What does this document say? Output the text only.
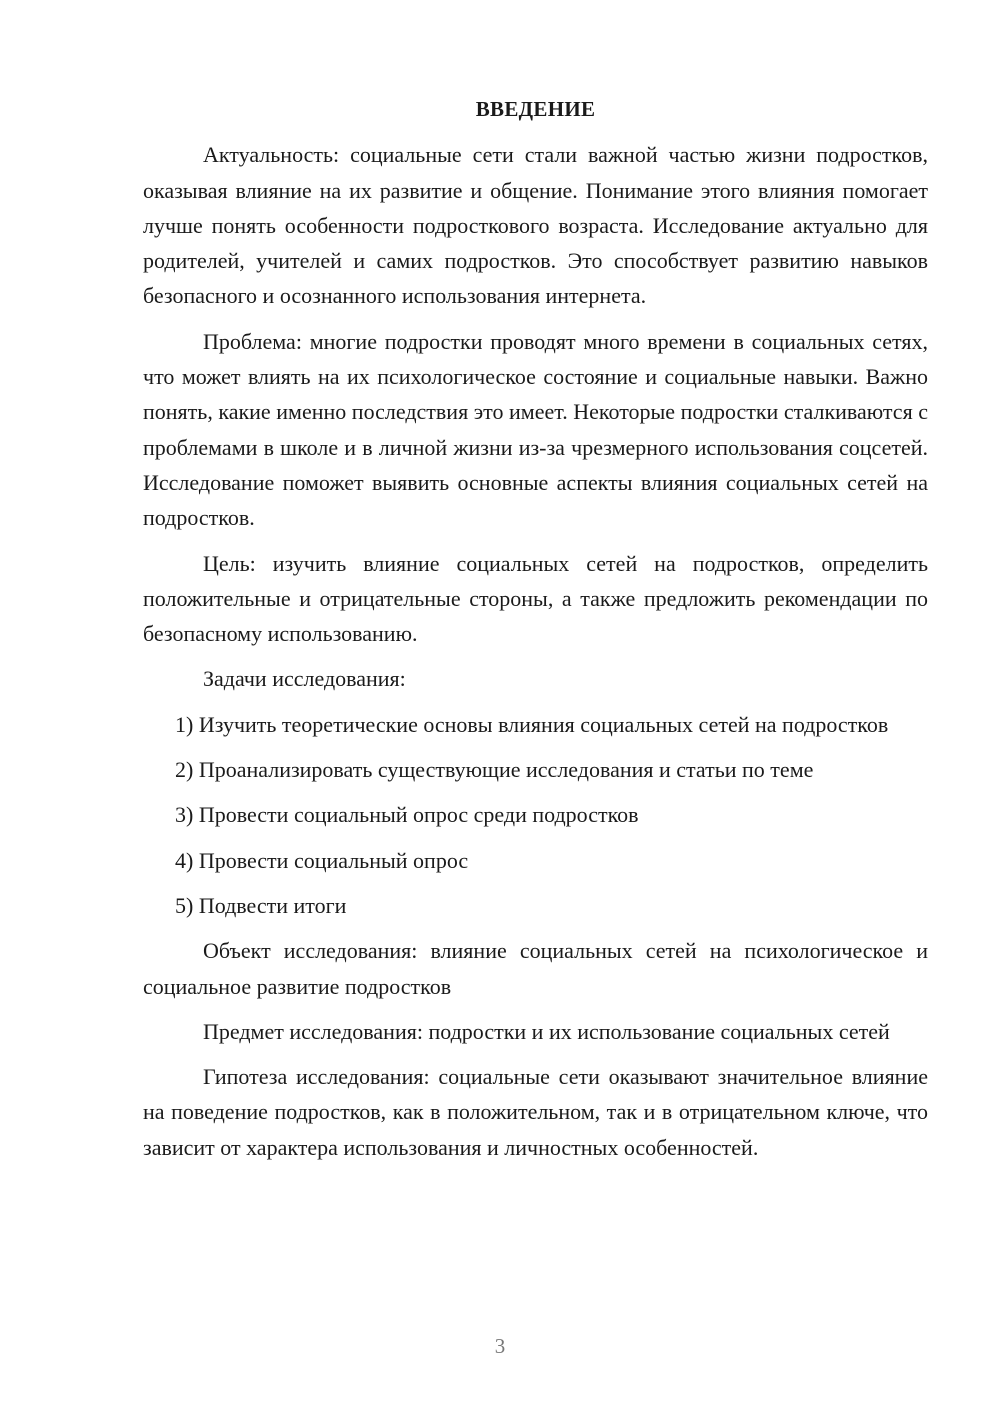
ВВЕДЕНИЕ

Актуальность: социальные сети стали важной частью жизни подростков, оказывая влияние на их развитие и общение. Понимание этого влияния помогает лучше понять особенности подросткового возраста. Исследование актуально для родителей, учителей и самих подростков. Это способствует развитию навыков безопасного и осознанного использования интернета.

Проблема: многие подростки проводят много времени в социальных сетях, что может влиять на их психологическое состояние и социальные навыки. Важно понять, какие именно последствия это имеет. Некоторые подростки сталкиваются с проблемами в школе и в личной жизни из-за чрезмерного использования соцсетей. Исследование поможет выявить основные аспекты влияния социальных сетей на подростков.

Цель: изучить влияние социальных сетей на подростков, определить положительные и отрицательные стороны, а также предложить рекомендации по безопасному использованию.

Задачи исследования:

1) Изучить теоретические основы влияния социальных сетей на подростков

2) Проанализировать существующие исследования и статьи по теме

3) Провести социальный опрос среди подростков

4) Провести социальный опрос

5) Подвести итоги

Объект исследования: влияние социальных сетей на психологическое и социальное развитие подростков

Предмет исследования: подростки и их использование социальных сетей

Гипотеза исследования: социальные сети оказывают значительное влияние на поведение подростков, как в положительном, так и в отрицательном ключе, что зависит от характера использования и личностных особенностей.

3
